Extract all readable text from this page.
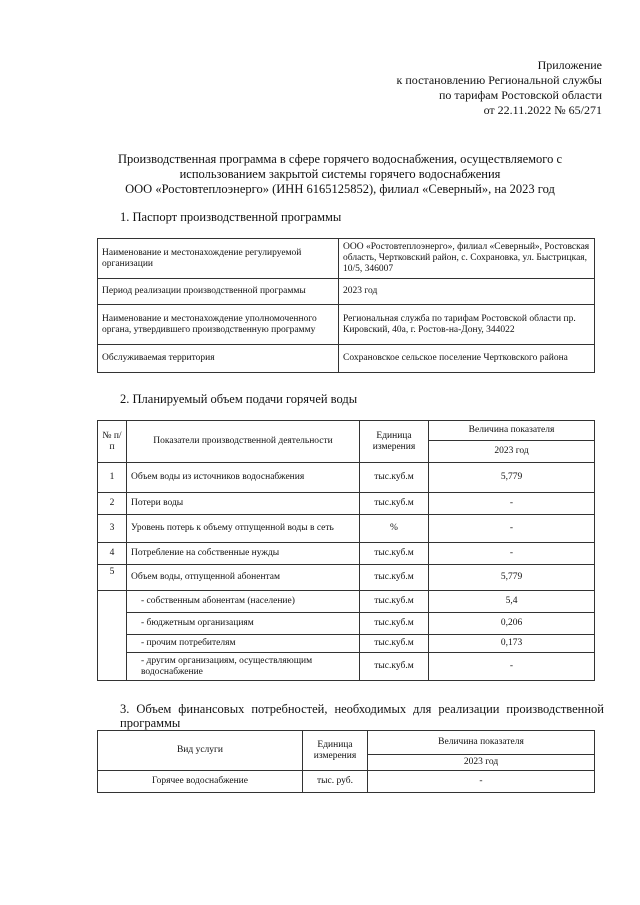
Приложение
к постановлению Региональной службы
по тарифам Ростовской области
от 22.11.2022 № 65/271
Производственная программа в сфере горячего водоснабжения, осуществляемого с
использованием закрытой системы горячего водоснабжения
ООО «Ростовтеплоэнерго» (ИНН 6165125852), филиал «Северный», на 2023 год
1. Паспорт производственной программы
Наименование и местонахождение регулируемой организации	ООО «Ростовтеплоэнерго», филиал «Северный», Ростовская область, Чертковский район, с. Сохрановка, ул. Быстрицкая, 10/5, 346007
Период реализации производственной программы	2023 год
Наименование и местонахождение уполномоченного органа, утвердившего производственную программу	Региональная служба по тарифам Ростовской области пр. Кировский, 40а, г. Ростов-на-Дону, 344022
Обслуживаемая территория	Сохрановское сельское поселение Чертковского района
2. Планируемый объем подачи горячей воды
№ п/п	Показатели производственной деятельности	Единица измерения	Величина показателя
			2023 год
1	Объем воды из источников водоснабжения	тыс.куб.м	5,779
2	Потери воды	тыс.куб.м	-
3	Уровень потерь к объему отпущенной воды в сеть	%	-
4	Потребление на собственные нужды	тыс.куб.м	-
5	Объем воды, отпущенной абонентам	тыс.куб.м	5,779
	- собственным абонентам (население)	тыс.куб.м	5,4
	- бюджетным организациям	тыс.куб.м	0,206
	- прочим потребителям	тыс.куб.м	0,173
	- другим организациям, осуществляющим водоснабжение	тыс.куб.м	-
3. Объем финансовых потребностей, необходимых для реализации производственной программы
Вид услуги	Единица измерения	Величина показателя
		2023 год
Горячее водоснабжение	тыс. руб.	-
